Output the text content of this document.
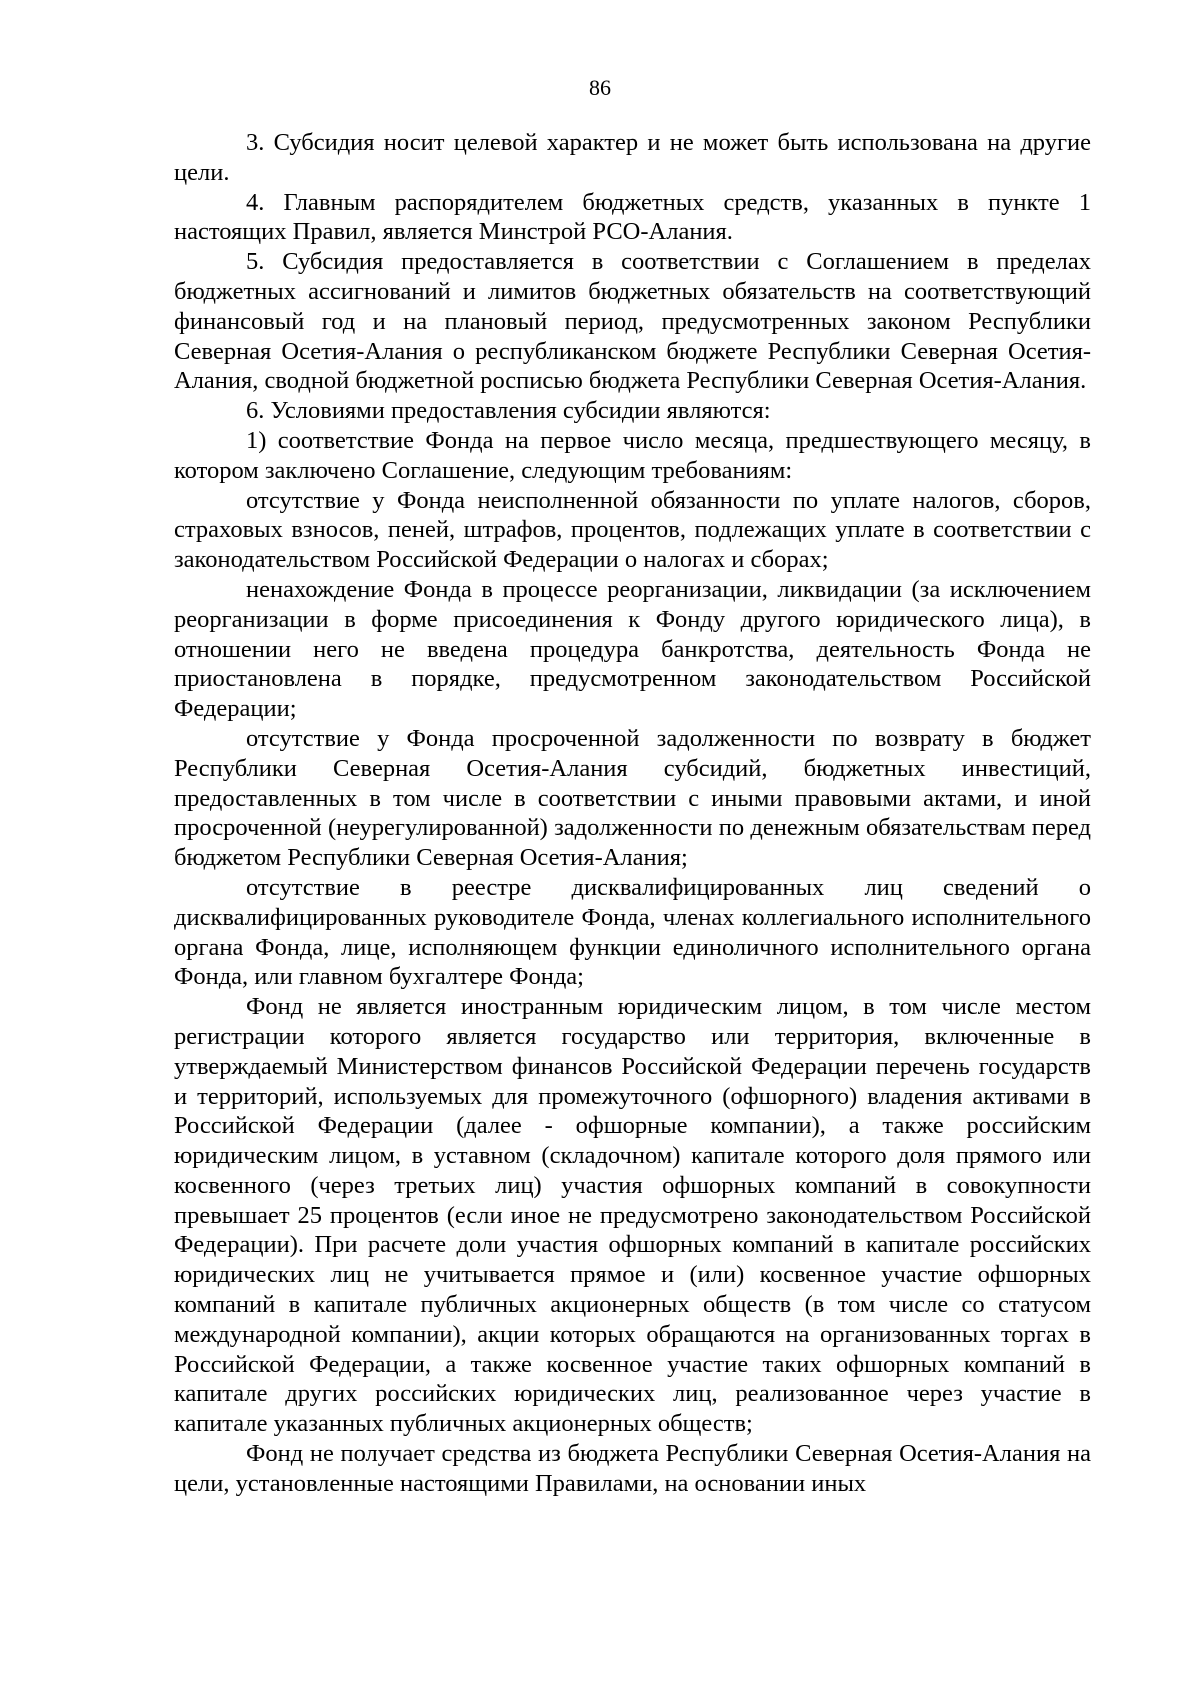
86

3. Субсидия носит целевой характер и не может быть использована на другие цели.

4. Главным распорядителем бюджетных средств, указанных в пункте 1 настоящих Правил, является Минстрой РСО-Алания.

5. Субсидия предоставляется в соответствии с Соглашением в пределах бюджетных ассигнований и лимитов бюджетных обязательств на соответствующий финансовый год и на плановый период, предусмотренных законом Республики Северная Осетия-Алания о республиканском бюджете Республики Северная Осетия-Алания, сводной бюджетной росписью бюджета Республики Северная Осетия-Алания.

6. Условиями предоставления субсидии являются:

1) соответствие Фонда на первое число месяца, предшествующего месяцу, в котором заключено Соглашение, следующим требованиям:

отсутствие у Фонда неисполненной обязанности по уплате налогов, сборов, страховых взносов, пеней, штрафов, процентов, подлежащих уплате в соответствии с законодательством Российской Федерации о налогах и сборах;

ненахождение Фонда в процессе реорганизации, ликвидации (за исключением реорганизации в форме присоединения к Фонду другого юридического лица), в отношении него не введена процедура банкротства, деятельность Фонда не приостановлена в порядке, предусмотренном законодательством Российской Федерации;

отсутствие у Фонда просроченной задолженности по возврату в бюджет Республики Северная Осетия-Алания субсидий, бюджетных инвестиций, предоставленных в том числе в соответствии с иными правовыми актами, и иной просроченной (неурегулированной) задолженности по денежным обязательствам перед бюджетом Республики Северная Осетия-Алания;

отсутствие в реестре дисквалифицированных лиц сведений о дисквалифицированных руководителе Фонда, членах коллегиального исполнительного органа Фонда, лице, исполняющем функции единоличного исполнительного органа Фонда, или главном бухгалтере Фонда;

Фонд не является иностранным юридическим лицом, в том числе местом регистрации которого является государство или территория, включенные в утверждаемый Министерством финансов Российской Федерации перечень государств и территорий, используемых для промежуточного (офшорного) владения активами в Российской Федерации (далее - офшорные компании), а также российским юридическим лицом, в уставном (складочном) капитале которого доля прямого или косвенного (через третьих лиц) участия офшорных компаний в совокупности превышает 25 процентов (если иное не предусмотрено законодательством Российской Федерации). При расчете доли участия офшорных компаний в капитале российских юридических лиц не учитывается прямое и (или) косвенное участие офшорных компаний в капитале публичных акционерных обществ (в том числе со статусом международной компании), акции которых обращаются на организованных торгах в Российской Федерации, а также косвенное участие таких офшорных компаний в капитале других российских юридических лиц, реализованное через участие в капитале указанных публичных акционерных обществ;

Фонд не получает средства из бюджета Республики Северная Осетия-Алания на цели, установленные настоящими Правилами, на основании иных
